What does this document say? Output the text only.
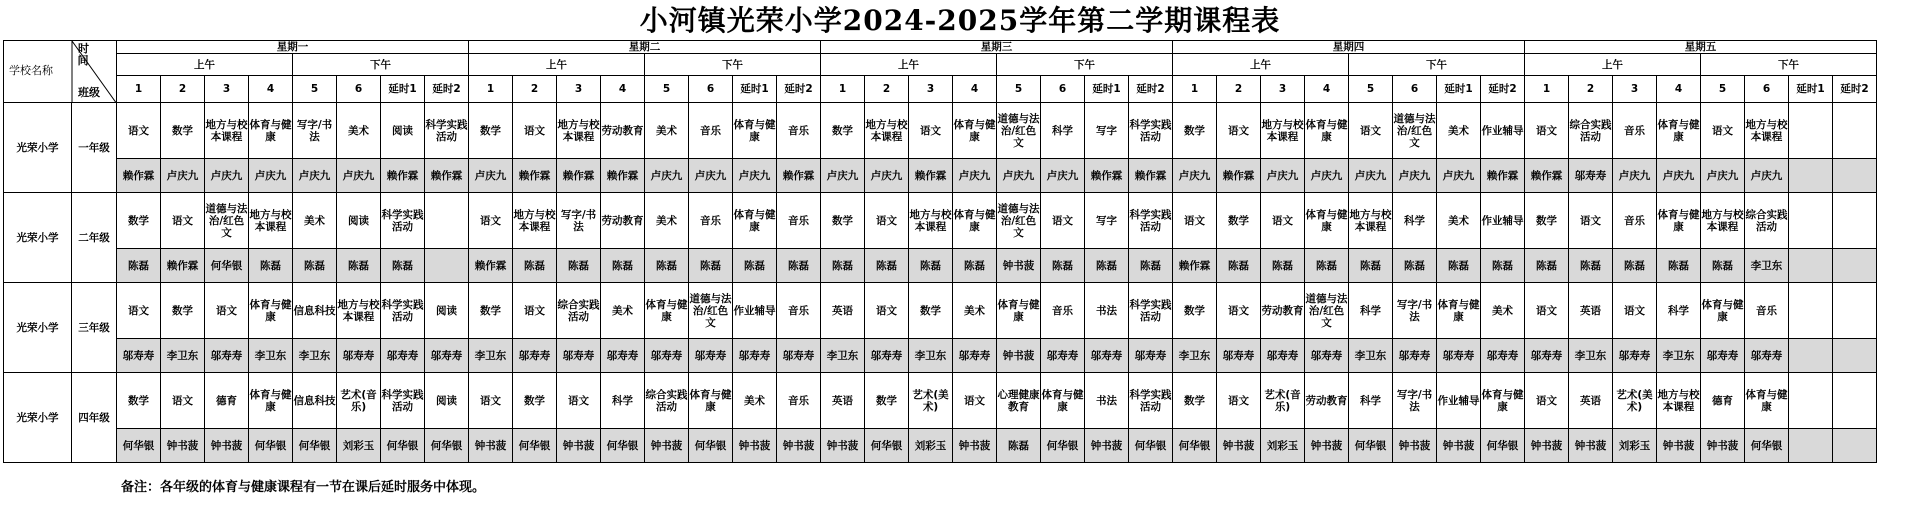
小河镇光荣小学2024-2025学年第二学期课程表
学校名称
时
间
班级		星期一								星期二								星期三								星期四								星期五							
		上午				下午				上午				下午				上午				下午				上午				下午				上午				下午			
		1	2	3	4	5	6	延时1	延时2	1	2	3	4	5	6	延时1	延时2	1	2	3	4	5	6	延时1	延时2	1	2	3	4	5	6	延时1	延时2	1	2	3	4	5	6	延时1	延时2
光荣小学	一年级	语文	数学	地方与校本课程	体育与健康	写字/书法	美术	阅读	科学实践活动	数学	语文	地方与校本课程	劳动教育	美术	音乐	体育与健康	音乐	数学	地方与校本课程	语文	体育与健康	道德与法治/红色文	科学	写字	科学实践活动	数学	语文	地方与校本课程	体育与健康	语文	道德与法治/红色文	美术	作业辅导	语文	综合实践活动	音乐	体育与健康	语文	地方与校本课程		
		赖作霖	卢庆九	卢庆九	卢庆九	卢庆九	卢庆九	赖作霖	赖作霖	卢庆九	赖作霖	赖作霖	赖作霖	卢庆九	卢庆九	卢庆九	赖作霖	卢庆九	卢庆九	赖作霖	卢庆九	卢庆九	卢庆九	赖作霖	赖作霖	卢庆九	赖作霖	卢庆九	卢庆九	卢庆九	卢庆九	卢庆九	赖作霖	赖作霖	邬寿寿	卢庆九	卢庆九	卢庆九	卢庆九		
光荣小学	二年级	数学	语文	道德与法治/红色文	地方与校本课程	美术	阅读	科学实践活动		语文	地方与校本课程	写字/书法	劳动教育	美术	音乐	体育与健康	音乐	数学	语文	地方与校本课程	体育与健康	道德与法治/红色文	语文	写字	科学实践活动	语文	数学	语文	体育与健康	地方与校本课程	科学	美术	作业辅导	数学	语文	音乐	体育与健康	地方与校本课程	综合实践活动		
		陈磊	赖作霖	何华银	陈磊	陈磊	陈磊	陈磊		赖作霖	陈磊	陈磊	陈磊	陈磊	陈磊	陈磊	陈磊	陈磊	陈磊	陈磊	陈磊	钟书菠	陈磊	陈磊	陈磊	赖作霖	陈磊	陈磊	陈磊	陈磊	陈磊	陈磊	陈磊	陈磊	陈磊	陈磊	陈磊	陈磊	李卫东		
光荣小学	三年级	语文	数学	语文	体育与健康	信息科技	地方与校本课程	科学实践活动	阅读	数学	语文	综合实践活动	美术	体育与健康	道德与法治/红色文	作业辅导	音乐	英语	语文	数学	美术	体育与健康	音乐	书法	科学实践活动	数学	语文	劳动教育	道德与法治/红色文	科学	写字/书法	体育与健康	美术	语文	英语	语文	科学	体育与健康	音乐		
		邬寿寿	李卫东	邬寿寿	李卫东	李卫东	邬寿寿	邬寿寿	邬寿寿	李卫东	邬寿寿	邬寿寿	邬寿寿	邬寿寿	邬寿寿	邬寿寿	邬寿寿	李卫东	邬寿寿	李卫东	邬寿寿	钟书菠	邬寿寿	邬寿寿	邬寿寿	李卫东	邬寿寿	邬寿寿	邬寿寿	李卫东	邬寿寿	邬寿寿	邬寿寿	邬寿寿	李卫东	邬寿寿	李卫东	邬寿寿	邬寿寿		
光荣小学	四年级	数学	语文	德育	体育与健康	信息科技	艺术(音乐)	科学实践活动	阅读	语文	数学	语文	科学	综合实践活动	体育与健康	美术	音乐	英语	数学	艺术(美术)	语文	心理健康教育	体育与健康	书法	科学实践活动	数学	语文	艺术(音乐)	劳动教育	科学	写字/书法	作业辅导	体育与健康	语文	英语	艺术(美术)	地方与校本课程	德育	体育与健康		
		何华银	钟书菠	钟书菠	何华银	何华银	刘彩玉	何华银	何华银	钟书菠	何华银	钟书菠	何华银	钟书菠	何华银	钟书菠	钟书菠	钟书菠	何华银	刘彩玉	钟书菠	陈磊	何华银	钟书菠	何华银	何华银	钟书菠	刘彩玉	钟书菠	何华银	钟书菠	钟书菠	何华银	钟书菠	钟书菠	刘彩玉	钟书菠	钟书菠	何华银		
备注：各年级的体育与健康课程有一节在课后延时服务中体现。
